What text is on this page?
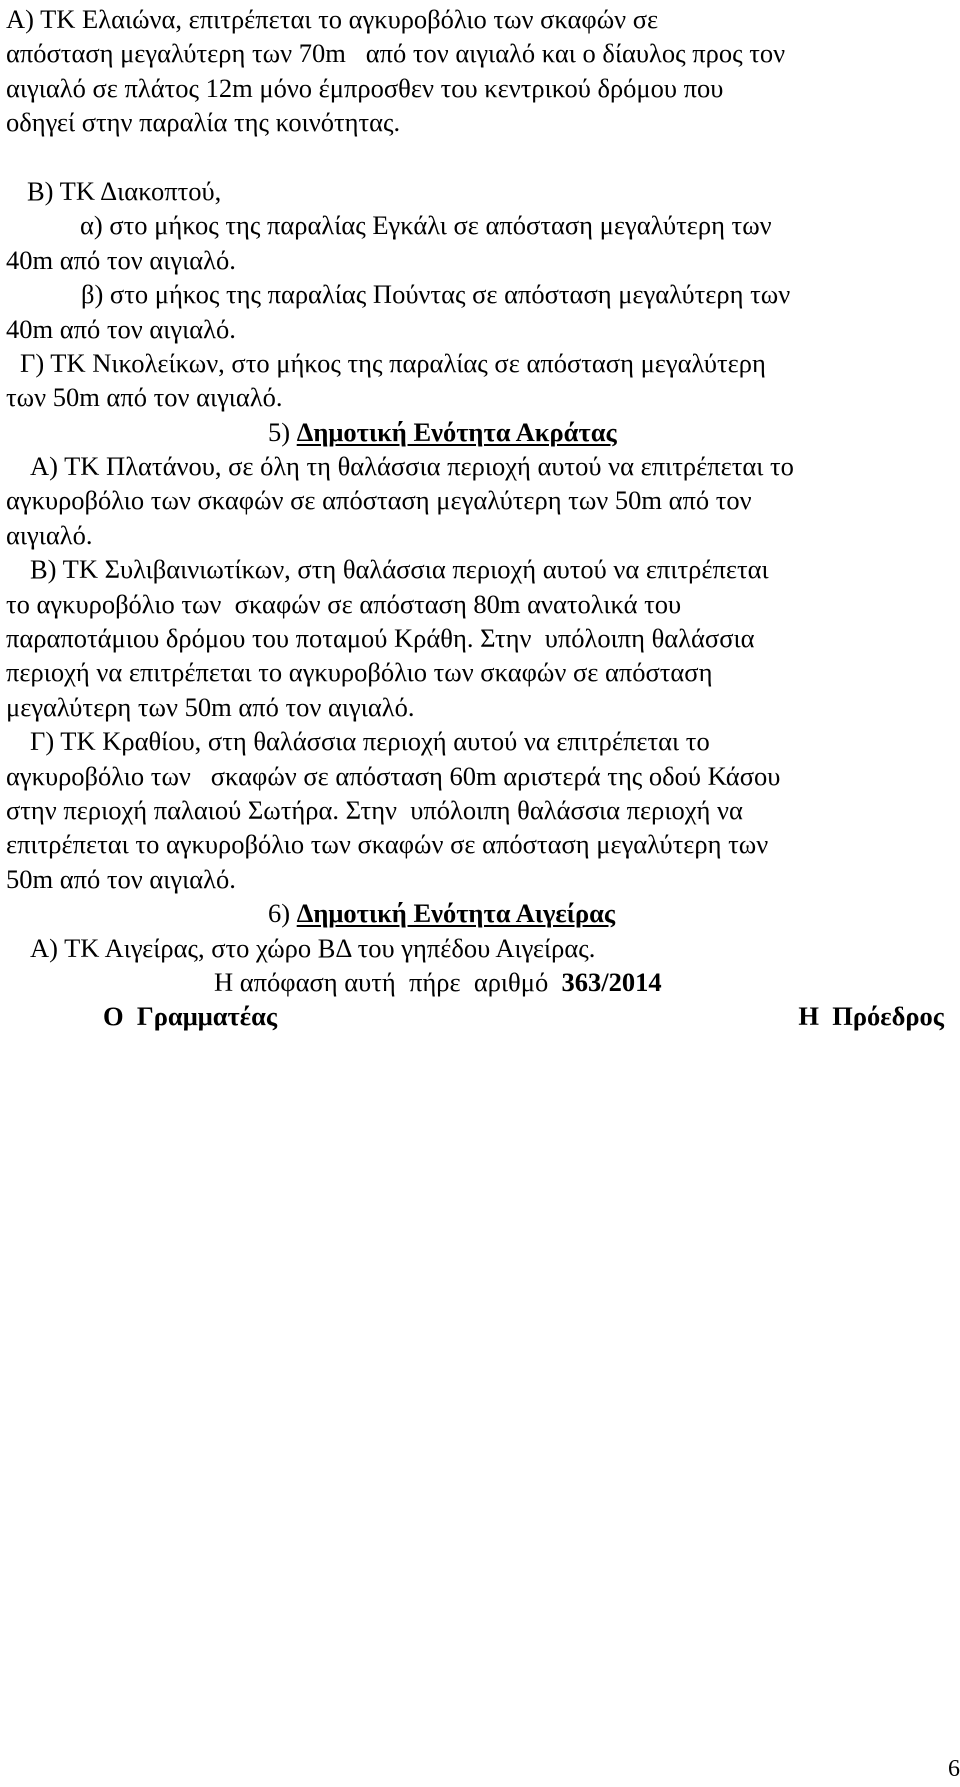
Α) ΤΚ Ελαιώνα, επιτρέπεται το αγκυροβόλιο των σκαφών σε
απόσταση μεγαλύτερη των 70m   από τον αιγιαλό και ο δίαυλος προς τον
αιγιαλό σε πλάτος 12m μόνο έμπροσθεν του κεντρικού δρόμου που
οδηγεί στην παραλία της κοινότητας.
Β) ΤΚ Διακοπτού,
α) στο μήκος της παραλίας Εγκάλι σε απόσταση μεγαλύτερη των
40m από τον αιγιαλό.
β) στο μήκος της παραλίας Πούντας σε απόσταση μεγαλύτερη των
40m από τον αιγιαλό.
Γ) ΤΚ Νικολείκων, στο μήκος της παραλίας σε απόσταση μεγαλύτερη
των 50m από τον αιγιαλό.
5) Δημοτική Ενότητα Ακράτας
Α) ΤΚ Πλατάνου, σε όλη τη θαλάσσια περιοχή αυτού να επιτρέπεται το
αγκυροβόλιο των σκαφών σε απόσταση μεγαλύτερη των 50m από τον
αιγιαλό.
Β) ΤΚ Συλιβαινιωτίκων, στη θαλάσσια περιοχή αυτού να επιτρέπεται
το αγκυροβόλιο των  σκαφών σε απόσταση 80m ανατολικά του
παραποτάμιου δρόμου του ποταμού Κράθη. Στην  υπόλοιπη θαλάσσια
περιοχή να επιτρέπεται το αγκυροβόλιο των σκαφών σε απόσταση
μεγαλύτερη των 50m από τον αιγιαλό.
Γ) ΤΚ Κραθίου, στη θαλάσσια περιοχή αυτού να επιτρέπεται το
αγκυροβόλιο των   σκαφών σε απόσταση 60m αριστερά της οδού Κάσου
στην περιοχή παλαιού Σωτήρα. Στην  υπόλοιπη θαλάσσια περιοχή να
επιτρέπεται το αγκυροβόλιο των σκαφών σε απόσταση μεγαλύτερη των
50m από τον αιγιαλό.
6) Δημοτική Ενότητα Αιγείρας
Α) ΤΚ Αιγείρας, στο χώρο ΒΔ του γηπέδου Αιγείρας.
Η απόφαση αυτή  πήρε  αριθμό  363/2014
Ο  Γραμματέας	Η  Πρόεδρος
6
